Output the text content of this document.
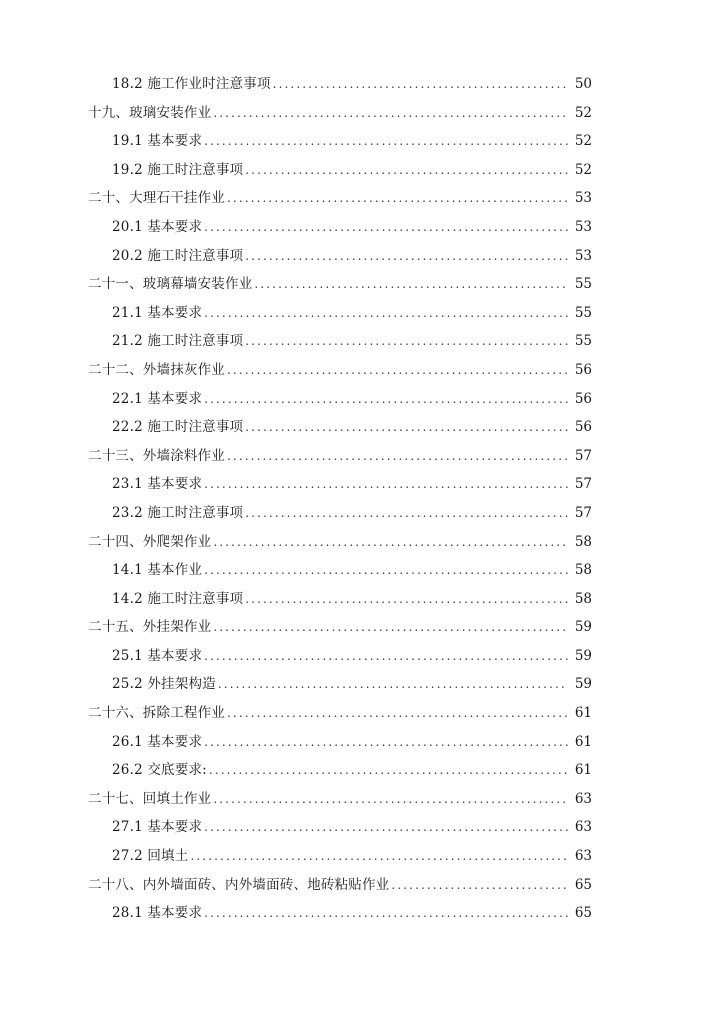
18.2 施工作业时注意事项 .....	50
十九、玻璃安装作业 .....	52
19.1 基本要求 .....	52
19.2 施工时注意事项 .....	52
二十、大理石干挂作业 .....	53
20.1 基本要求 .....	53
20.2 施工时注意事项 .....	53
二十一、玻璃幕墙安装作业 .....	55
21.1 基本要求 .....	55
21.2 施工时注意事项 .....	55
二十二、外墙抹灰作业 .....	56
22.1 基本要求 .....	56
22.2 施工时注意事项 .....	56
二十三、外墙涂料作业 .....	57
23.1 基本要求 .....	57
23.2 施工时注意事项 .....	57
二十四、外爬架作业 .....	58
14.1 基本作业 .....	58
14.2 施工时注意事项 .....	58
二十五、外挂架作业 .....	59
25.1 基本要求 .....	59
25.2 外挂架构造 .....	59
二十六、拆除工程作业 .....	61
26.1 基本要求 .....	61
26.2 交底要求: .....	61
二十七、回填土作业 .....	63
27.1 基本要求 .....	63
27.2 回填土 .....	63
二十八、内外墙面砖、内外墙面砖、地砖粘贴作业 .....	65
28.1 基本要求 .....	65
